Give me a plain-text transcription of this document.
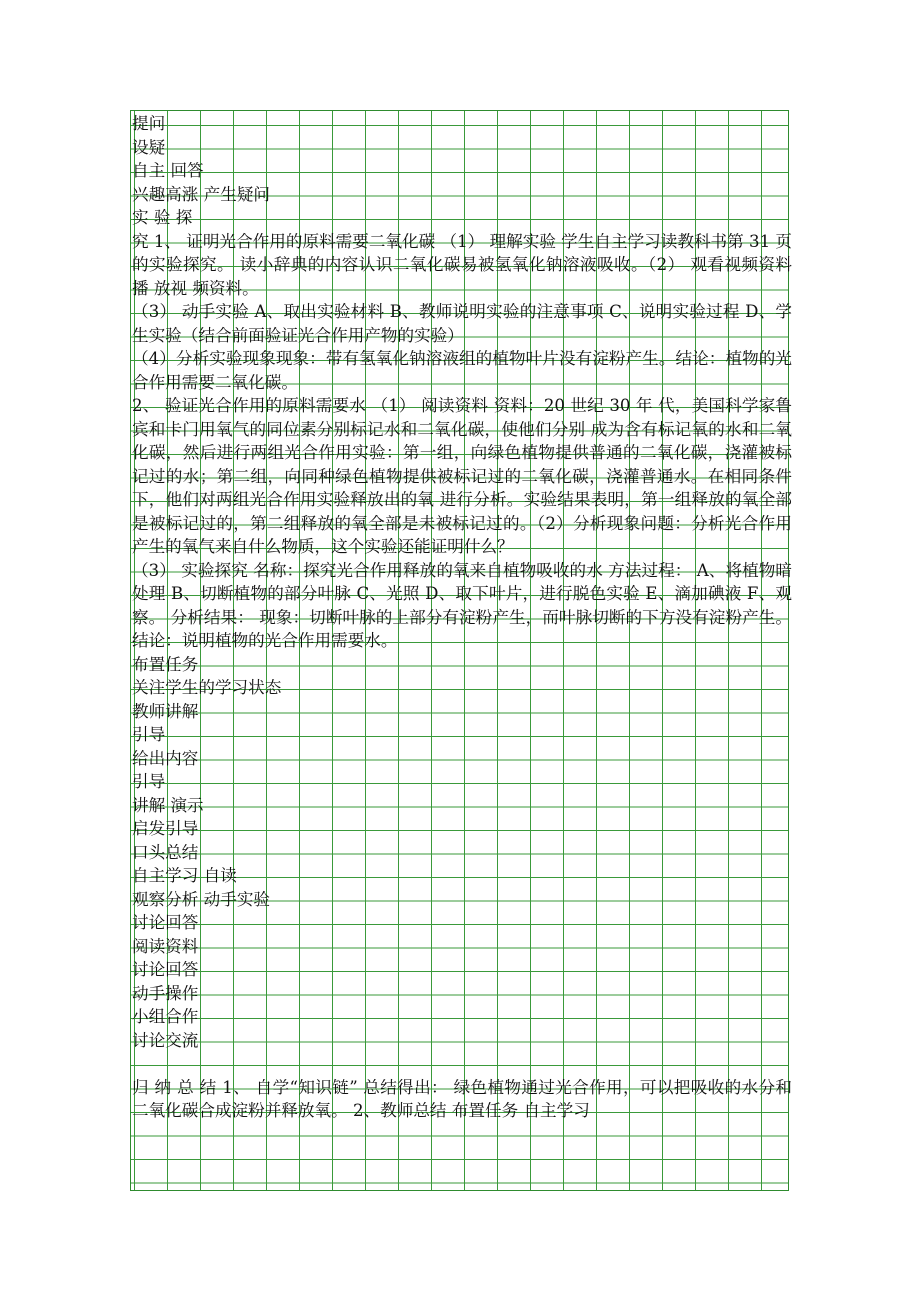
提问

设疑

自主 回答

兴趣高涨 产生疑问

实 验 探

究 1、 证明光合作用的原料需要二氧化碳 （1） 理解实验 学生自主学习读教科书第 31 页的实验探究。 读小辞典的内容认识二氧化碳易被氢氧化钠溶液吸收。（2） 观看视频资料 播 放视 频资料。

（3） 动手实验 A、取出实验材料 B、教师说明实验的注意事项 C、说明实验过程 D、学生实验（结合前面验证光合作用产物的实验）

（4）分析实验现象现象：带有氢氧化钠溶液组的植物叶片没有淀粉产生。结论：植物的光合作用需要二氧化碳。

2、 验证光合作用的原料需要水 （1） 阅读资料 资料：20 世纪 30 年 代，美国科学家鲁宾和卡门用氧气的同位素分别标记水和二氧化碳，使他们分别 成为含有标记氧的水和二氧化碳，然后进行两组光合作用实验：第一组，向绿色植物提供普通的二氧化碳，浇灌被标记过的水；第二组，向同种绿色植物提供被标记过的二氧化碳，浇灌普通水。在相同条件下，他们对两组光合作用实验释放出的氧 进行分析。实验结果表明，第一组释放的氧全部是被标记过的，第二组释放的氧全部是未被标记过的。（2）分析现象问题：分析光合作用产生的氧气来自什么物质，这个实验还能证明什么？

（3） 实验探究 名称：探究光合作用释放的氧来自植物吸收的水 方法过程： A、将植物暗处理 B、切断植物的部分叶脉 C、光照 D、取下叶片，进行脱色实验 E、滴加碘液 F、观察。 分析结果： 现象：切断叶脉的上部分有淀粉产生，而叶脉切断的下方没有淀粉产生。 结论：说明植物的光合作用需要水。

布置任务

关注学生的学习状态

教师讲解

引导

给出内容

引导

讲解 演示

启发引导

口头总结

自主学习 自读

观察分析 动手实验

讨论回答

阅读资料

讨论回答

动手操作

小组合作

讨论交流

归 纳 总 结 1、 自学“知识链” 总结得出： 绿色植物通过光合作用，可以把吸收的水分和二氧化碳合成淀粉并释放氧。 2、教师总结 布置任务 自主学习
